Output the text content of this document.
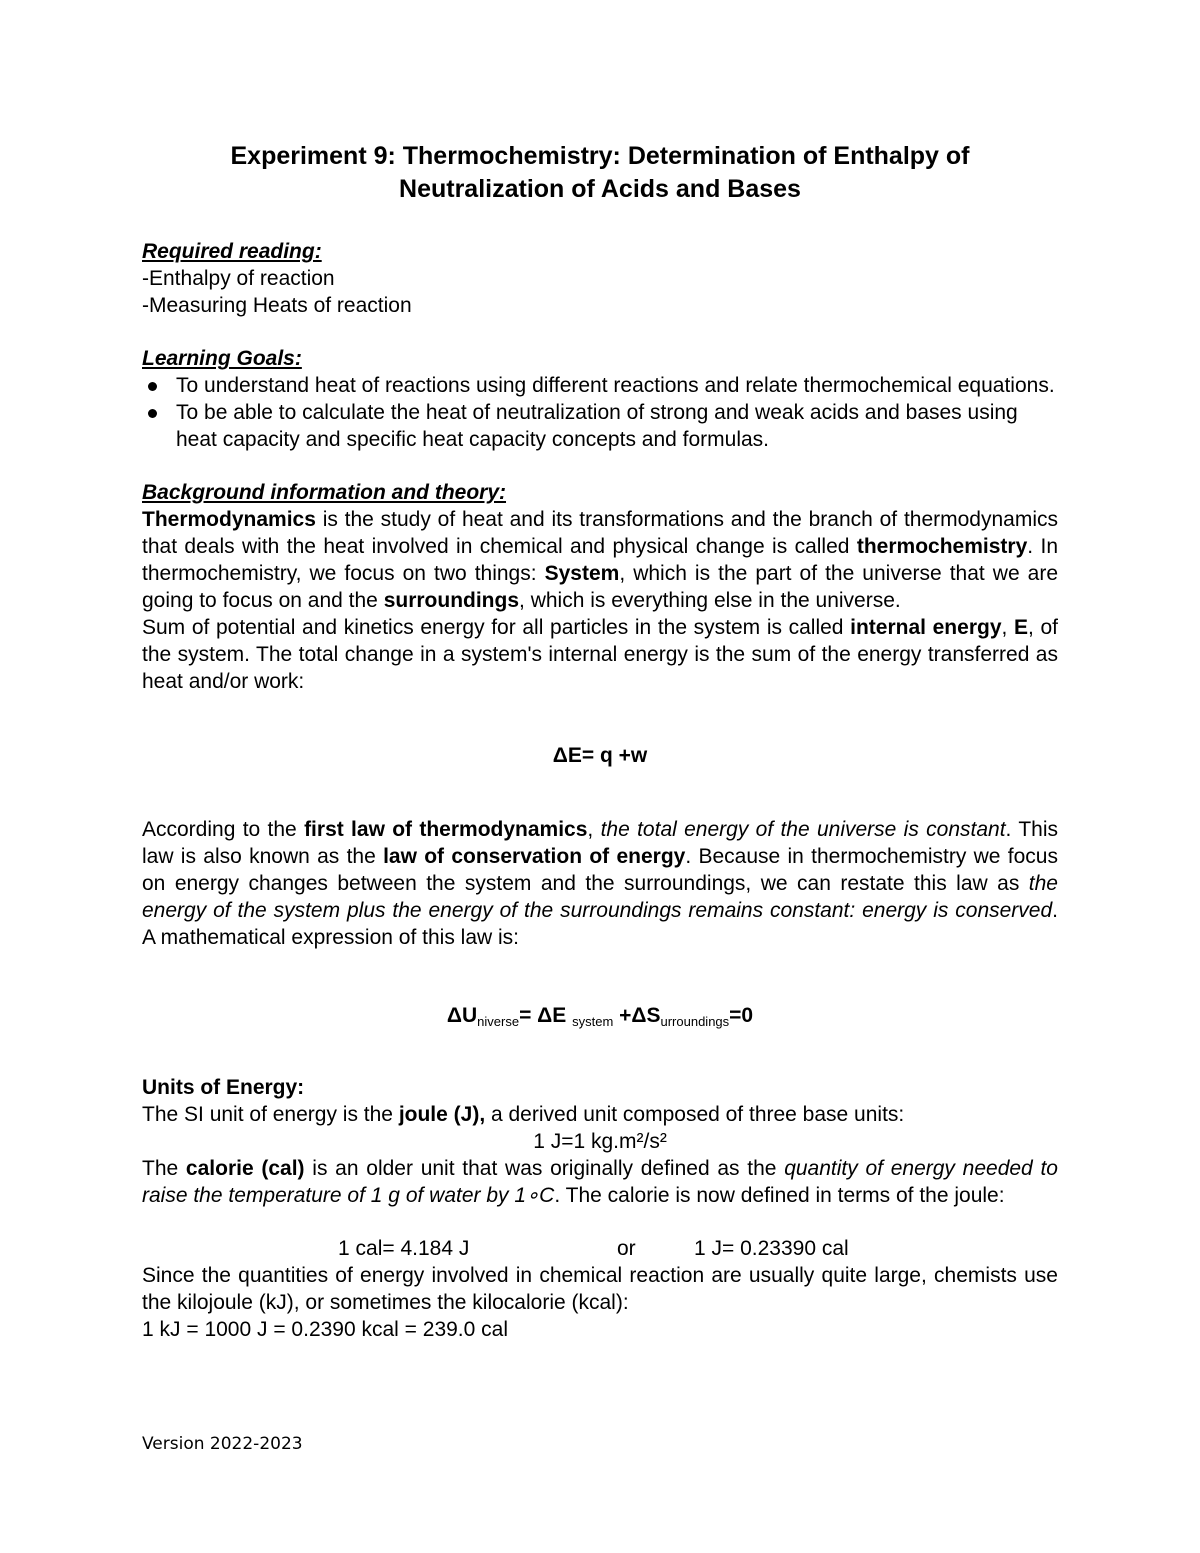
Experiment 9: Thermochemistry: Determination of Enthalpy of
Neutralization of Acids and Bases

Required reading:

-Enthalpy of reaction

-Measuring Heats of reaction

Learning Goals:

To understand heat of reactions using different reactions and relate thermochemical equations.
To be able to calculate the heat of neutralization of strong and weak acids and bases using heat capacity and specific heat capacity concepts and formulas.

Background information and theory:

Thermodynamics is the study of heat and its transformations and the branch of thermodynamics that deals with the heat involved in chemical and physical change is called thermochemistry. In thermochemistry, we focus on two things: System, which is the part of the universe that we are going to focus on and the surroundings, which is everything else in the universe.

Sum of potential and kinetics energy for all particles in the system is called internal energy, E, of the system. The total change in a system's internal energy is the sum of the energy transferred as heat and/or work:

ΔE= q +w

According to the first law of thermodynamics, the total energy of the universe is constant. This law is also known as the law of conservation of energy. Because in thermochemistry we focus on energy changes between the system and the surroundings, we can restate this law as the energy of the system plus the energy of the surroundings remains constant: energy is conserved. A mathematical expression of this law is:

ΔUniverse= ΔE system +ΔSurroundings=0

Units of Energy:

The SI unit of energy is the joule (J), a derived unit composed of three base units:

1 J=1 kg.m²/s²

The calorie (cal) is an older unit that was originally defined as the quantity of energy needed to raise the temperature of 1 g of water by 1∘C. The calorie is now defined in terms of the joule:

1 cal= 4.184 J	or	1 J= 0.23390 cal

Since the quantities of energy involved in chemical reaction are usually quite large, chemists use the kilojoule (kJ), or sometimes the kilocalorie (kcal):

1 kJ = 1000 J = 0.2390 kcal = 239.0 cal

Version 2022-2023
